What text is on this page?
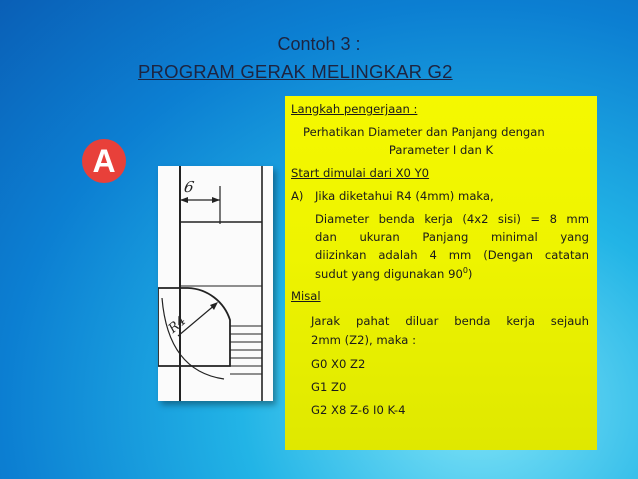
Contoh 3 :
PROGRAM GERAK MELINGKAR G2
A
6
R4
Langkah pengerjaan :
Perhatikan Diameter dan Panjang dengan
Parameter I dan K
Start dimulai dari X0 Y0
A) Jika diketahui R4 (4mm) maka,
Diameter benda kerja (4x2 sisi) = 8 mm
dan ukuran Panjang minimal yang
diizinkan adalah 4 mm (Dengan catatan
sudut yang digunakan $90^0$)
Misal
Jarak pahat diluar benda kerja sejauh
2mm (Z2), maka :
G0 X0 Z2
G1 Z0
G2 X8 Z-6 I0 K-4
